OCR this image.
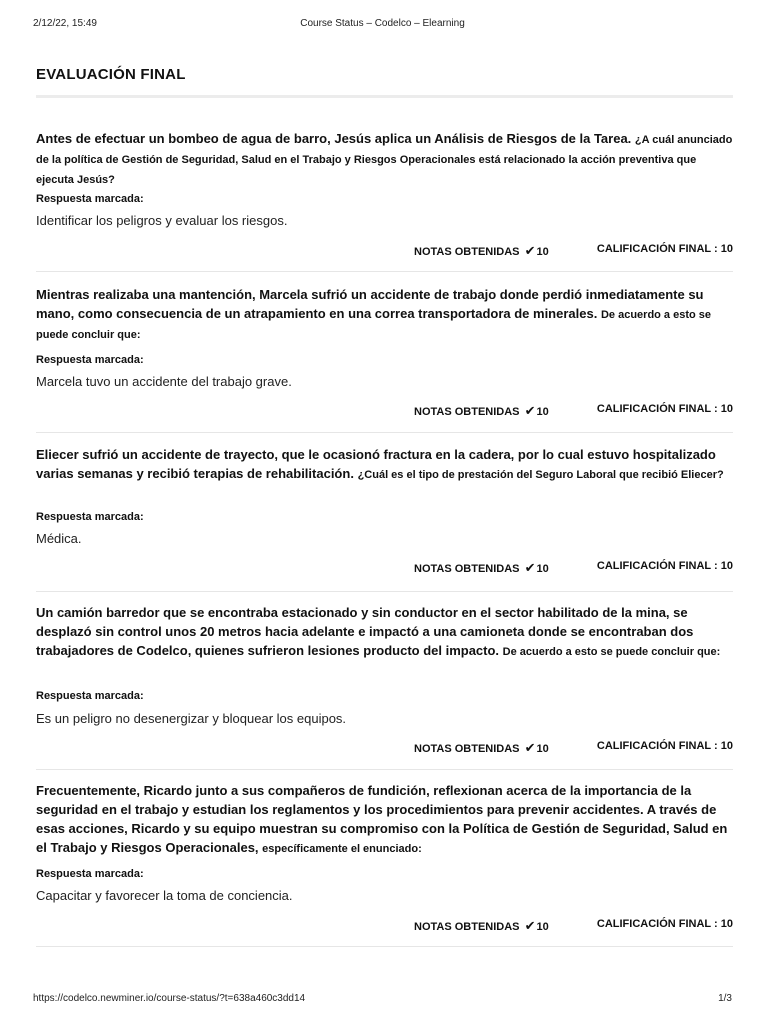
2/12/22, 15:49	Course Status – Codelco – Elearning
EVALUACIÓN FINAL
Antes de efectuar un bombeo de agua de barro, Jesús aplica un Análisis de Riesgos de la Tarea. ¿A cuál anunciado de la política de Gestión de Seguridad, Salud en el Trabajo y Riesgos Operacionales está relacionado la acción preventiva que ejecuta Jesús?
Respuesta marcada:
Identificar los peligros y evaluar los riesgos.
NOTAS OBTENIDAS ✔10	CALIFICACIÓN FINAL : 10
Mientras realizaba una mantención, Marcela sufrió un accidente de trabajo donde perdió inmediatamente su mano, como consecuencia de un atrapamiento en una correa transportadora de minerales. De acuerdo a esto se puede concluir que:
Respuesta marcada:
Marcela tuvo un accidente del trabajo grave.
NOTAS OBTENIDAS ✔10	CALIFICACIÓN FINAL : 10
Eliecer sufrió un accidente de trayecto, que le ocasionó fractura en la cadera, por lo cual estuvo hospitalizado varias semanas y recibió terapias de rehabilitación. ¿Cuál es el tipo de prestación del Seguro Laboral que recibió Eliecer?
Respuesta marcada:
Médica.
NOTAS OBTENIDAS ✔10	CALIFICACIÓN FINAL : 10
Un camión barredor que se encontraba estacionado y sin conductor en el sector habilitado de la mina, se desplazó sin control unos 20 metros hacia adelante e impactó a una camioneta donde se encontraban dos trabajadores de Codelco, quienes sufrieron lesiones producto del impacto. De acuerdo a esto se puede concluir que:
Respuesta marcada:
Es un peligro no desenergizar y bloquear los equipos.
NOTAS OBTENIDAS ✔10	CALIFICACIÓN FINAL : 10
Frecuentemente, Ricardo junto a sus compañeros de fundición, reflexionan acerca de la importancia de la seguridad en el trabajo y estudian los reglamentos y los procedimientos para prevenir accidentes. A través de esas acciones, Ricardo y su equipo muestran su compromiso con la Política de Gestión de Seguridad, Salud en el Trabajo y Riesgos Operacionales, específicamente el enunciado:
Respuesta marcada:
Capacitar y favorecer la toma de conciencia.
NOTAS OBTENIDAS ✔10	CALIFICACIÓN FINAL : 10
https://codelco.newminer.io/course-status/?t=638a460c3dd14	1/3
